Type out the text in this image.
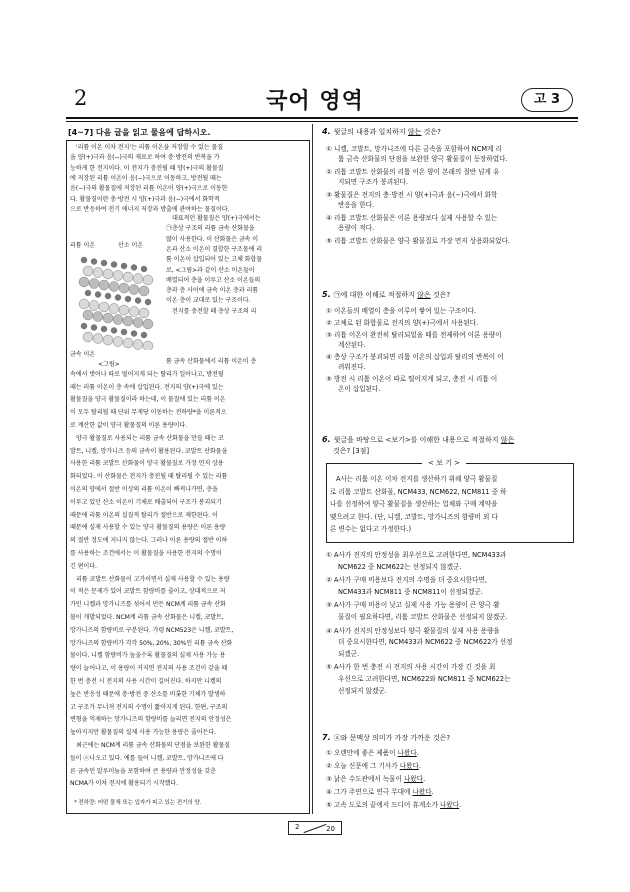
2	국어 영역	고 3
[4~7] 다음 글을 읽고 물음에 답하시오.
'리튬 이온 이차 전지'는 리튬 이온을 저장할 수 있는 물질
을 양(+)극과 음(−)극의 재료로 하여 충·방전의 반복을 가
능하게 한 전지이다. 이 전지가 충전될 때 양(+)극의 활물질
에 저장된 리튬 이온이 음(−)극으로 이동하고, 방전될 때는
음(−)극의 활물질에 저장된 리튬 이온이 양(+)극으로 이동한
다. 활물질이란 충·방전 시 양(+)극과 음(−)극에서 화학적
으로 반응하여 전기 에너지 저장과 방출에 관여하는 물질이다.
대표적인 활물질은 양(+)극에서는
㉠층상 구조의 리튬 금속 산화물을
많이 사용한다. 이 산화물은 금속 이
온과 산소 이온이 결합한 구조물에 리
튬 이온이 삽입되어 있는 고체 화합물
로, <그림>과 같이 산소 이온들이
배열되어 층을 이루고 산소 이온들의
층과 층 사이에 금속 이온 층과 리튬
이온 층이 교대로 있는 구조이다.
전지를 충전할 때 층상 구조의 리
튬 금속 산화물에서 리튬 이온이 층
속에서 벗어나 따로 떨어지게 되는 탈리가 일어나고, 방전될
때는 리튬 이온이 층 속에 삽입된다. 전지의 양(+)극에 있는
활물질을 양극 활물질이라 하는데, 이 물질에 있는 리튬 이온
이 모두 탈리될 때 단위 무게당 이동하는 전하량*을 이론적으
로 계산한 값이 양극 활물질의 이론 용량이다.
양극 활물질로 사용되는 리튬 금속 산화물을 만들 때는 코
발트, 니켈, 망가니즈 등의 금속이 활용된다. 코발트 산화물을
사용한 리튬 코발트 산화물이 양극 활물질로 가장 먼저 상용
화되었다. 이 산화물은 전지가 충전될 때 탈리될 수 있는 리튬
이온의 양에서 절반 이상의 리튬 이온이 빠져나가면, 층을
이루고 있던 산소 이온이 기체로 배출되어 구조가 붕괴되기
때문에 리튬 이온의 실질적 탈리가 절반으로 제한된다. 이
때문에 실제 사용할 수 있는 양극 활물질의 용량은 이론 용량
의 절반 정도에 지나지 않는다. 그러나 이론 용량의 절반 이하
를 사용하는 조건에서는 이 활물질을 사용한 전지의 수명이
긴 편이다.
리튬 코발트 산화물이 고가이면서 실제 사용할 수 있는 용량
이 적은 문제가 있어 코발트 함량비를 줄이고, 상대적으로 저
가인 니켈과 망가니즈를 섞어서 만든 NCM계 리튬 금속 산화
물이 개발되었다. NCM계 리튬 금속 산화물은 니켈, 코발트,
망가니즈의 함량비로 구분된다. 가령 NCM523은 니켈, 코발트,
망가니즈의 함량비가 각각 50%, 20%, 30%인 리튬 금속 산화
물이다. 니켈 함량비가 높을수록 활물질의 실제 사용 가능 용
량이 늘어나고, 이 용량이 커지면 전지의 사용 조건이 같을 때
한 번 충전 시 전지의 사용 시간이 길어진다. 하지만 니켈의
높은 반응성 때문에 충·방전 중 산소를 비롯한 기체가 발생하
고 구조가 무너져 전지의 수명이 짧아지게 된다. 한편, 구조의
변형을 억제하는 망가니즈의 함량비를 늘리면 전지의 안정성은
높아지지만 활물질의 실제 사용 가능한 용량은 줄어든다.
최근에는 NCM계 리튬 금속 산화물의 단점을 보완한 활물질
들이 ⓐ나오고 있다. 예를 들어 니켈, 코발트, 망가니즈에 다
른 금속인 알루미늄을 포함하여 큰 용량과 안정성을 갖춘
NCMA가 이차 전지에 활용되기 시작했다.
리튬 이온	산소 이온
금속 이온
<그림>
* 전하량: 어떤 물체 또는 입자가 띠고 있는 전기의 양.
4. 윗글의 내용과 일치하지 않는 것은?
① 니켈, 코발트, 망가니즈에 다른 금속을 포함하여 NCM계 리
튬 금속 산화물의 단점을 보완한 양극 활물질이 등장하였다.
② 리튬 코발트 산화물의 리튬 이온 양이 본래의 절반 넘게 유
지되면 구조가 붕괴된다.
③ 활물질은 전지의 충·방전 시 양(+)극과 음(−)극에서 화학
반응을 한다.
④ 리튬 코발트 산화물은 이론 용량보다 실제 사용할 수 있는
용량이 적다.
⑤ 리튬 코발트 산화물은 양극 활물질로 가장 먼저 상용화되었다.
5. ㉠에 대한 이해로 적절하지 않은 것은?
① 이온들의 배열이 층을 이루어 쌓여 있는 구조이다.
② 고체로 된 화합물로 전지의 양(+)극에서 사용된다.
③ 리튬 이온이 완전히 탈리되었을 때를 전제하여 이론 용량이
계산된다.
④ 층상 구조가 붕괴되면 리튬 이온의 삽입과 탈리의 반복이 어
려워진다.
⑤ 방전 시 리튬 이온이 따로 떨어지게 되고, 충전 시 리튬 이
온이 삽입된다.
6. 윗글을 바탕으로 <보기>를 이해한 내용으로 적절하지 않은
것은? [3점]
< 보 기 >
A사는 리튬 이온 이차 전지를 생산하기 위해 양극 활물질
로 리튬 코발트 산화물, NCM433, NCM622, NCM811 중 하
나를 선정하여 양극 활물질을 생산하는 업체와 구매 계약을
맺으려고 한다. (단, 니켈, 코발트, 망가니즈의 함량비 외 다
른 변수는 없다고 가정한다.)
① A사가 전지의 안정성을 최우선으로 고려한다면, NCM433과
NCM622 중 NCM622는 선정되지 않겠군.
② A사가 구매 비용보다 전지의 수명을 더 중요시한다면,
NCM433과 NCM811 중 NCM811이 선정되겠군.
③ A사가 구매 비용이 낮고 실제 사용 가능 용량이 큰 양극 활
물질이 필요하다면, 리튬 코발트 산화물은 선정되지 않겠군.
④ A사가 전지의 안정성보다 양극 활물질의 실제 사용 용량을
더 중요시한다면, NCM433과 NCM622 중 NCM622가 선정
되겠군.
⑤ A사가 한 번 충전 시 전지의 사용 시간이 가장 긴 것을 최
우선으로 고려한다면, NCM622와 NCM811 중 NCM622는
선정되지 않겠군.
7. ⓐ와 문맥상 의미가 가장 가까운 것은?
① 오랜만에 좋은 제품이 나왔다.
② 오늘 신문에 그 기사가 나왔다.
③ 낡은 수도관에서 녹물이 나왔다.
④ 그가 주연으로 연극 무대에 나왔다.
⑤ 고속 도로의 끝에서 드디어 휴게소가 나왔다.
2	20
